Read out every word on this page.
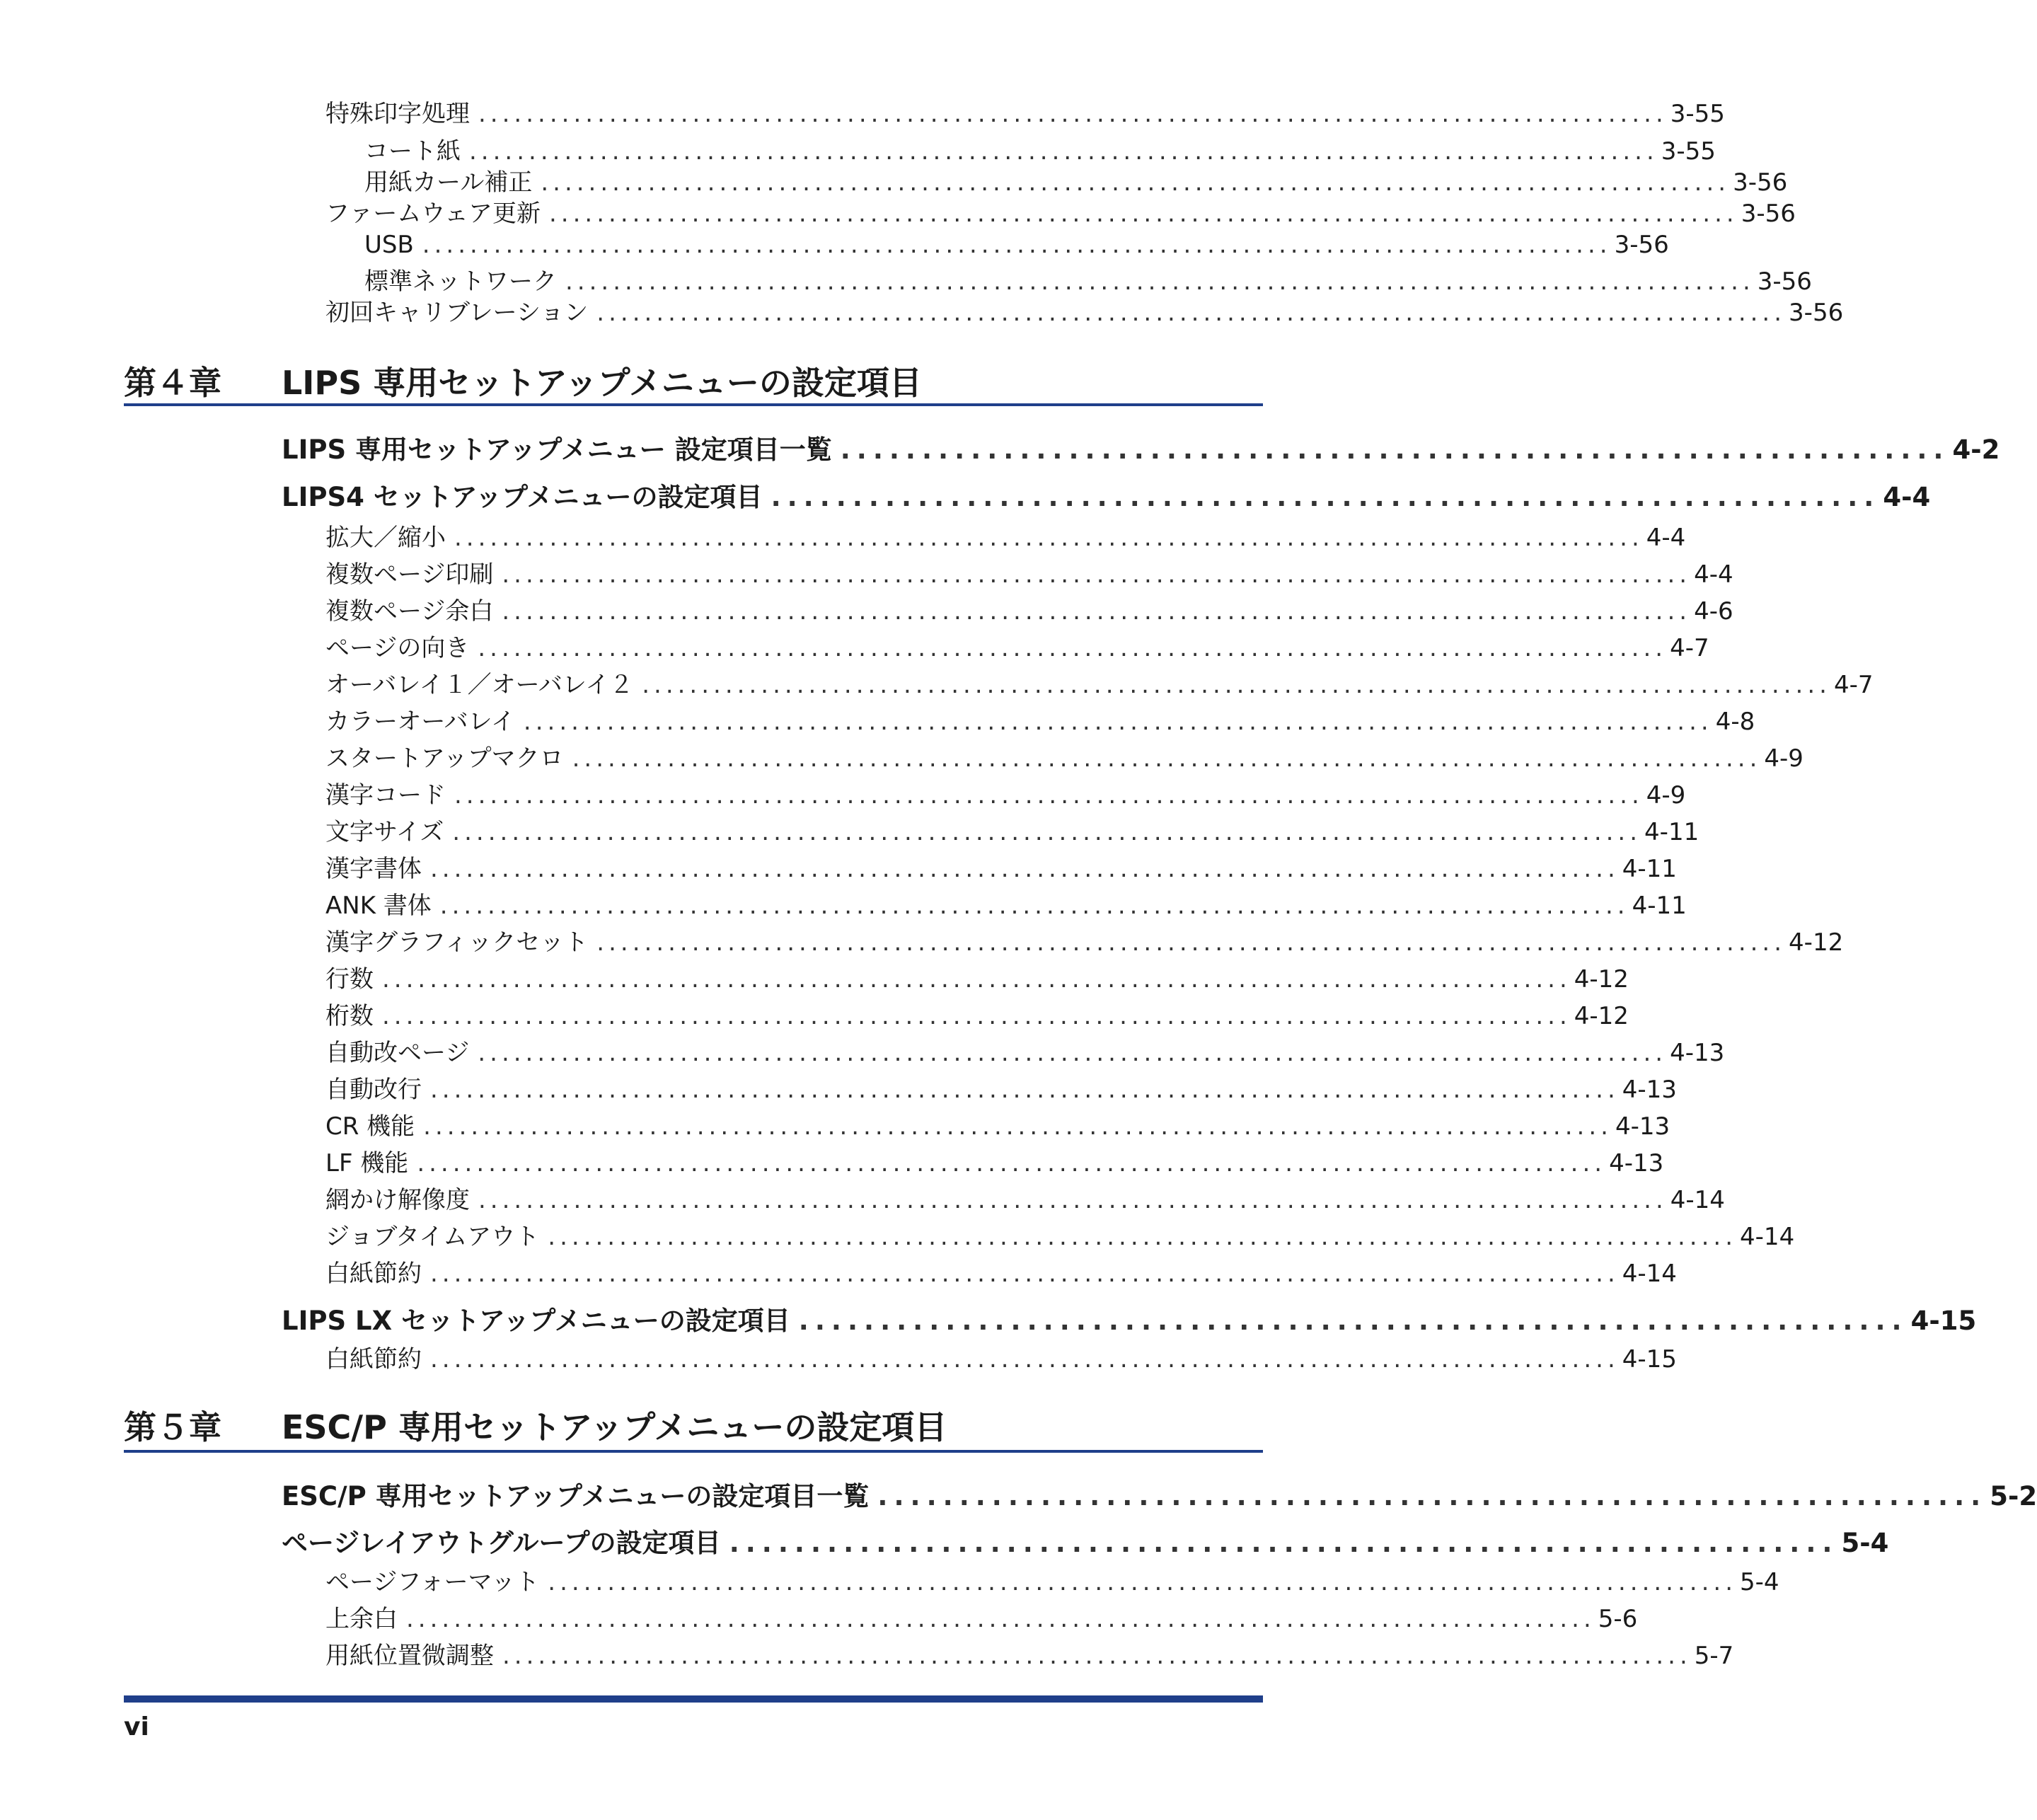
特殊印字処理 .................................................................................................... 3-55
コート紙 .................................................................................................... 3-55
用紙カール補正 .................................................................................................... 3-56
ファームウェア更新 .................................................................................................... 3-56
USB .................................................................................................... 3-56
標準ネットワーク .................................................................................................... 3-56
初回キャリブレーション .................................................................................................... 3-56
第４章 LIPS 専用セットアップメニューの設定項目
LIPS 専用セットアップメニュー 設定項目一覧 .................................................................... 4-2
LIPS4 セットアップメニューの設定項目 .................................................................... 4-4
拡大／縮小 .................................................................................................... 4-4
複数ページ印刷 .................................................................................................... 4-4
複数ページ余白 .................................................................................................... 4-6
ページの向き .................................................................................................... 4-7
オーバレイ１／オーバレイ２ .................................................................................................... 4-7
カラーオーバレイ .................................................................................................... 4-8
スタートアップマクロ .................................................................................................... 4-9
漢字コード .................................................................................................... 4-9
文字サイズ .................................................................................................... 4-11
漢字書体 .................................................................................................... 4-11
ANK 書体 .................................................................................................... 4-11
漢字グラフィックセット .................................................................................................... 4-12
行数 .................................................................................................... 4-12
桁数 .................................................................................................... 4-12
自動改ページ .................................................................................................... 4-13
自動改行 .................................................................................................... 4-13
CR 機能 .................................................................................................... 4-13
LF 機能 .................................................................................................... 4-13
網かけ解像度 .................................................................................................... 4-14
ジョブタイムアウト .................................................................................................... 4-14
白紙節約 .................................................................................................... 4-14
LIPS LX セットアップメニューの設定項目 .................................................................... 4-15
白紙節約 .................................................................................................... 4-15
第５章 ESC/P 専用セットアップメニューの設定項目
ESC/P 専用セットアップメニューの設定項目一覧 .................................................................... 5-2
ページレイアウトグループの設定項目 .................................................................... 5-4
ページフォーマット .................................................................................................... 5-4
上余白 .................................................................................................... 5-6
用紙位置微調整 .................................................................................................... 5-7
vi
